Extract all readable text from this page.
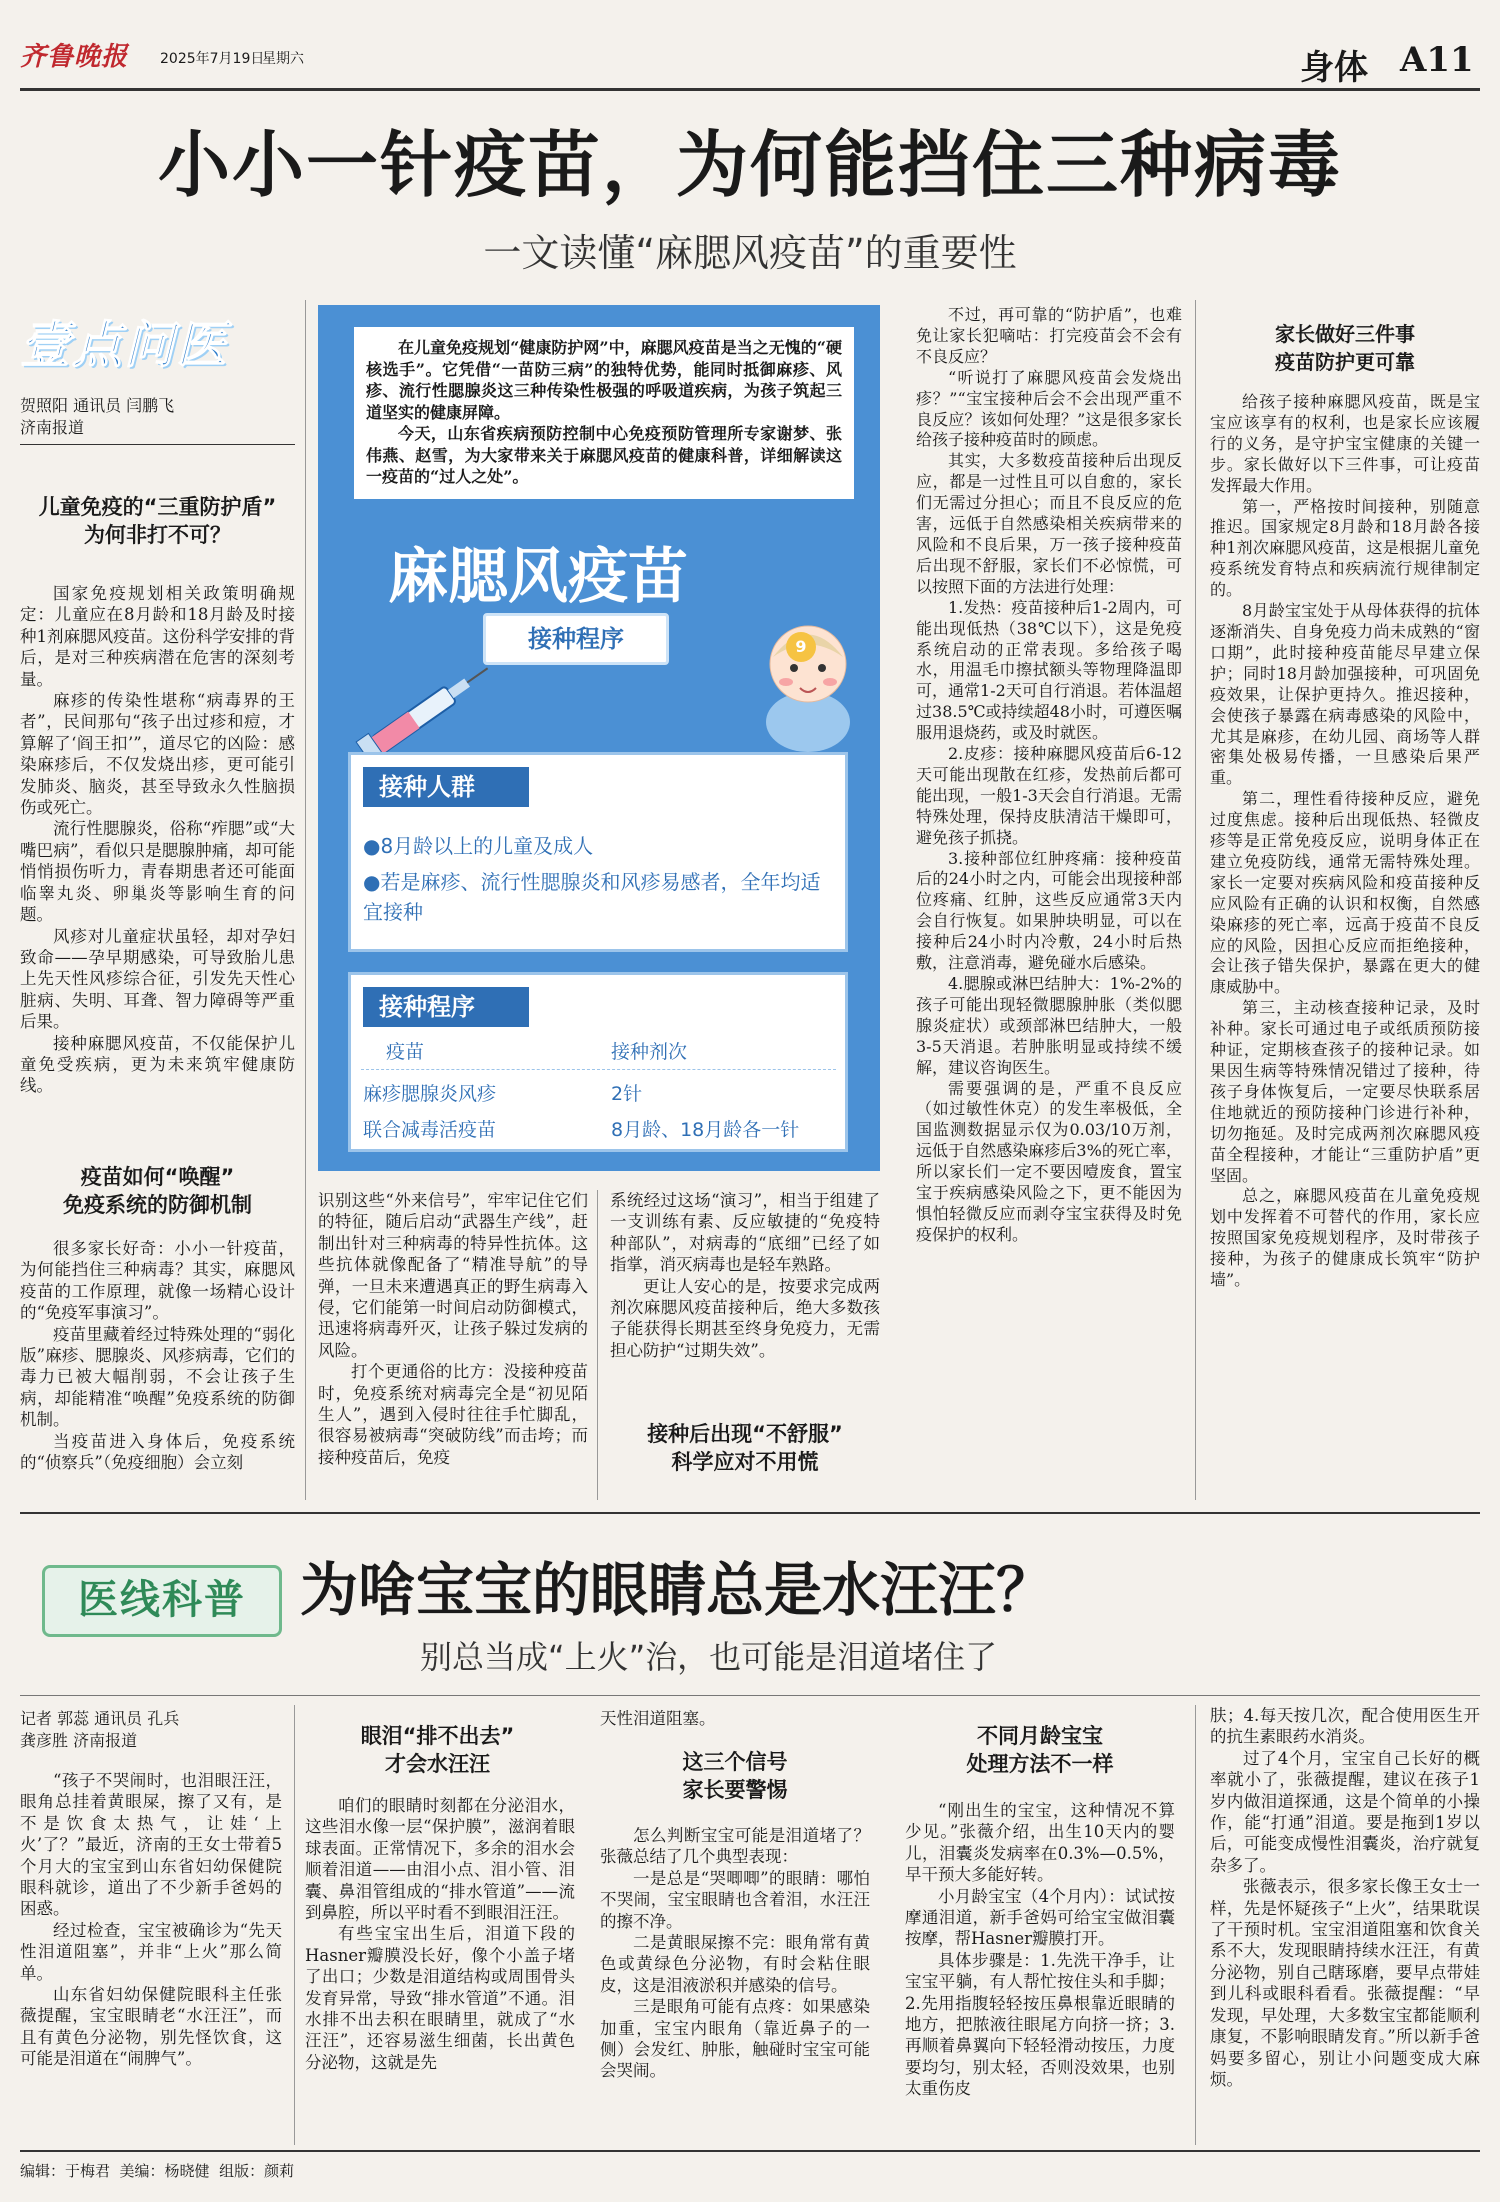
齐鲁晚报 2025年7月19日
星期六	身体 A11
小小一针疫苗，为何能挡住三种病毒
一文读懂“麻腮风疫苗”的重要性
壹点问医
贺照阳 通讯员 闫鹏飞
济南报道
儿童免疫的“三重防护盾”
为何非打不可？

国家免疫规划相关政策明确规定：儿童应在8月龄和18月龄及时接种1剂麻腮风疫苗。这份科学安排的背后，是对三种疾病潜在危害的深刻考量。

麻疹的传染性堪称“病毒界的王者”，民间那句“孩子出过疹和痘，才算解了‘阎王扣’”，道尽它的凶险：感染麻疹后，不仅发烧出疹，更可能引发肺炎、脑炎，甚至导致永久性脑损伤或死亡。

流行性腮腺炎，俗称“痄腮”或“大嘴巴病”，看似只是腮腺肿痛，却可能悄悄损伤听力，青春期患者还可能面临睾丸炎、卵巢炎等影响生育的问题。

风疹对儿童症状虽轻，却对孕妇致命——孕早期感染，可导致胎儿患上先天性风疹综合征，引发先天性心脏病、失明、耳聋、智力障碍等严重后果。

接种麻腮风疫苗，不仅能保护儿童免受疾病，更为未来筑牢健康防线。

疫苗如何“唤醒”
免疫系统的防御机制

很多家长好奇：小小一针疫苗，为何能挡住三种病毒？其实，麻腮风疫苗的工作原理，就像一场精心设计的“免疫军事演习”。

疫苗里藏着经过特殊处理的“弱化版”麻疹、腮腺炎、风疹病毒，它们的毒力已被大幅削弱，不会让孩子生病，却能精准“唤醒”免疫系统的防御机制。

当疫苗进入身体后，免疫系统的“侦察兵”（免疫细胞）会立刻

在儿童免疫规划“健康防护网”中，麻腮风疫苗是当之无愧的“硬核选手”。它凭借“一苗防三病”的独特优势，能同时抵御麻疹、风疹、流行性腮腺炎这三种传染性极强的呼吸道疾病，为孩子筑起三道坚实的健康屏障。

今天，山东省疾病预防控制中心免疫预防管理所专家谢梦、张伟燕、赵雪，为大家带来关于麻腮风疫苗的健康科普，详细解读这一疫苗的“过人之处”。

麻腮风疫苗
接种程序	9
接种人群
●8月龄以上的儿童及成人
●若是麻疹、流行性腮腺炎和风疹易感者，全年均适宜接种
接种程序
疫苗	接种剂次
麻疹腮腺炎风疹	2针
联合减毒活疫苗	8月龄、18月龄各一针

识别这些“外来信号”，牢牢记住它们的特征，随后启动“武器生产线”，赶制出针对三种病毒的特异性抗体。这些抗体就像配备了“精准导航”的导弹，一旦未来遭遇真正的野生病毒入侵，它们能第一时间启动防御模式，迅速将病毒歼灭，让孩子躲过发病的风险。

打个更通俗的比方：没接种疫苗时，免疫系统对病毒完全是“初见陌生人”，遇到入侵时往往手忙脚乱，很容易被病毒“突破防线”而击垮；而接种疫苗后，免疫

系统经过这场“演习”，相当于组建了一支训练有素、反应敏捷的“免疫特种部队”，对病毒的“底细”已经了如指掌，消灭病毒也是轻车熟路。

更让人安心的是，按要求完成两剂次麻腮风疫苗接种后，绝大多数孩子能获得长期甚至终身免疫力，无需担心防护“过期失效”。

接种后出现“不舒服”
科学应对不用慌

不过，再可靠的“防护盾”，也难免让家长犯嘀咕：打完疫苗会不会有不良反应？

“听说打了麻腮风疫苗会发烧出疹？”“宝宝接种后会不会出现严重不良反应？该如何处理？”这是很多家长给孩子接种疫苗时的顾虑。

其实，大多数疫苗接种后出现反应，都是一过性且可以自愈的，家长们无需过分担心；而且不良反应的危害，远低于自然感染相关疾病带来的风险和不良后果，万一孩子接种疫苗后出现不舒服，家长们不必惊慌，可以按照下面的方法进行处理：

1.发热：疫苗接种后1-2周内，可能出现低热（38℃以下），这是免疫系统启动的正常表现。多给孩子喝水，用温毛巾擦拭额头等物理降温即可，通常1-2天可自行消退。若体温超过38.5℃或持续超48小时，可遵医嘱服用退烧药，或及时就医。

2.皮疹：接种麻腮风疫苗后6-12天可能出现散在红疹，发热前后都可能出现，一般1-3天会自行消退。无需特殊处理，保持皮肤清洁干燥即可，避免孩子抓挠。

3.接种部位红肿疼痛：接种疫苗后的24小时之内，可能会出现接种部位疼痛、红肿，这些反应通常3天内会自行恢复。如果肿块明显，可以在接种后24小时内冷敷，24小时后热敷，注意消毒，避免碰水后感染。

4.腮腺或淋巴结肿大：1%-2%的孩子可能出现轻微腮腺肿胀（类似腮腺炎症状）或颈部淋巴结肿大，一般3-5天消退。若肿胀明显或持续不缓解，建议咨询医生。

需要强调的是，严重不良反应（如过敏性休克）的发生率极低，全国监测数据显示仅为0.03/10万剂，远低于自然感染麻疹后3%的死亡率，所以家长们一定不要因噎废食，置宝宝于疾病感染风险之下，更不能因为惧怕轻微反应而剥夺宝宝获得及时免疫保护的权利。

家长做好三件事
疫苗防护更可靠

给孩子接种麻腮风疫苗，既是宝宝应该享有的权利，也是家长应该履行的义务，是守护宝宝健康的关键一步。家长做好以下三件事，可让疫苗发挥最大作用。

第一，严格按时间接种，别随意推迟。国家规定8月龄和18月龄各接种1剂次麻腮风疫苗，这是根据儿童免疫系统发育特点和疾病流行规律制定的。

8月龄宝宝处于从母体获得的抗体逐渐消失、自身免疫力尚未成熟的“窗口期”，此时接种疫苗能尽早建立保护；同时18月龄加强接种，可巩固免疫效果，让保护更持久。推迟接种，会使孩子暴露在病毒感染的风险中，尤其是麻疹，在幼儿园、商场等人群密集处极易传播，一旦感染后果严重。

第二，理性看待接种反应，避免过度焦虑。接种后出现低热、轻微皮疹等是正常免疫反应，说明身体正在建立免疫防线，通常无需特殊处理。家长一定要对疾病风险和疫苗接种反应风险有正确的认识和权衡，自然感染麻疹的死亡率，远高于疫苗不良反应的风险，因担心反应而拒绝接种，会让孩子错失保护，暴露在更大的健康威胁中。

第三，主动核查接种记录，及时补种。家长可通过电子或纸质预防接种证，定期核查孩子的接种记录。如果因生病等特殊情况错过了接种，待孩子身体恢复后，一定要尽快联系居住地就近的预防接种门诊进行补种，切勿拖延。及时完成两剂次麻腮风疫苗全程接种，才能让“三重防护盾”更坚固。

总之，麻腮风疫苗在儿童免疫规划中发挥着不可替代的作用，家长应按照国家免疫规划程序，及时带孩子接种，为孩子的健康成长筑牢“防护墙”。

医线科普 为啥宝宝的眼睛总是水汪汪？
别总当成“上火”治，也可能是泪道堵住了
记者 郭蕊 通讯员 孔兵
龚彦胜 济南报道

“孩子不哭闹时，也泪眼汪汪，眼角总挂着黄眼屎，擦了又有，是不是饮食太热气，让娃‘上火’了？”最近，济南的王女士带着5个月大的宝宝到山东省妇幼保健院眼科就诊，道出了不少新手爸妈的困惑。

经过检查，宝宝被确诊为“先天性泪道阻塞”，并非“上火”那么简单。

山东省妇幼保健院眼科主任张薇提醒，宝宝眼睛老“水汪汪”，而且有黄色分泌物，别先怪饮食，这可能是泪道在“闹脾气”。

眼泪“排不出去”
才会水汪汪

咱们的眼睛时刻都在分泌泪水，这些泪水像一层“保护膜”，滋润着眼球表面。正常情况下，多余的泪水会顺着泪道——由泪小点、泪小管、泪囊、鼻泪管组成的“排水管道”——流到鼻腔，所以平时看不到眼泪汪汪。

有些宝宝出生后，泪道下段的Hasner瓣膜没长好，像个小盖子堵了出口；少数是泪道结构或周围骨头发育异常，导致“排水管道”不通。泪水排不出去积在眼睛里，就成了“水汪汪”，还容易滋生细菌，长出黄色分泌物，这就是先

天性泪道阻塞。
这三个信号
家长要警惕

怎么判断宝宝可能是泪道堵了？张薇总结了几个典型表现：

一是总是“哭唧唧”的眼睛：哪怕不哭闹，宝宝眼睛也含着泪，水汪汪的擦不净。

二是黄眼屎擦不完：眼角常有黄色或黄绿色分泌物，有时会粘住眼皮，这是泪液淤积并感染的信号。

三是眼角可能有点疼：如果感染加重，宝宝内眼角（靠近鼻子的一侧）会发红、肿胀，触碰时宝宝可能会哭闹。

不同月龄宝宝
处理方法不一样

“刚出生的宝宝，这种情况不算少见。”张薇介绍，出生10天内的婴儿，泪囊炎发病率在0.3%—0.5%，早干预大多能好转。

小月龄宝宝（4个月内）：试试按摩通泪道，新手爸妈可给宝宝做泪囊按摩，帮Hasner瓣膜打开。

具体步骤是：1.先洗干净手，让宝宝平躺，有人帮忙按住头和手脚；2.先用指腹轻轻按压鼻根靠近眼睛的地方，把脓液往眼尾方向挤一挤；3.再顺着鼻翼向下轻轻滑动按压，力度要均匀，别太轻，否则没效果，也别太重伤皮

肤；4.每天按几次，配合使用医生开的抗生素眼药水消炎。

过了4个月，宝宝自己长好的概率就小了，张薇提醒，建议在孩子1岁内做泪道探通，这是个简单的小操作，能“打通”泪道。要是拖到1岁以后，可能变成慢性泪囊炎，治疗就复杂多了。

张薇表示，很多家长像王女士一样，先是怀疑孩子“上火”，结果耽误了干预时机。宝宝泪道阻塞和饮食关系不大，发现眼睛持续水汪汪，有黄分泌物，别自己瞎琢磨，要早点带娃到儿科或眼科看看。张薇提醒：“早发现，早处理，大多数宝宝都能顺利康复，不影响眼睛发育。”所以新手爸妈要多留心，别让小问题变成大麻烦。

编辑：于梅君  美编：杨晓健  组版：颜莉
